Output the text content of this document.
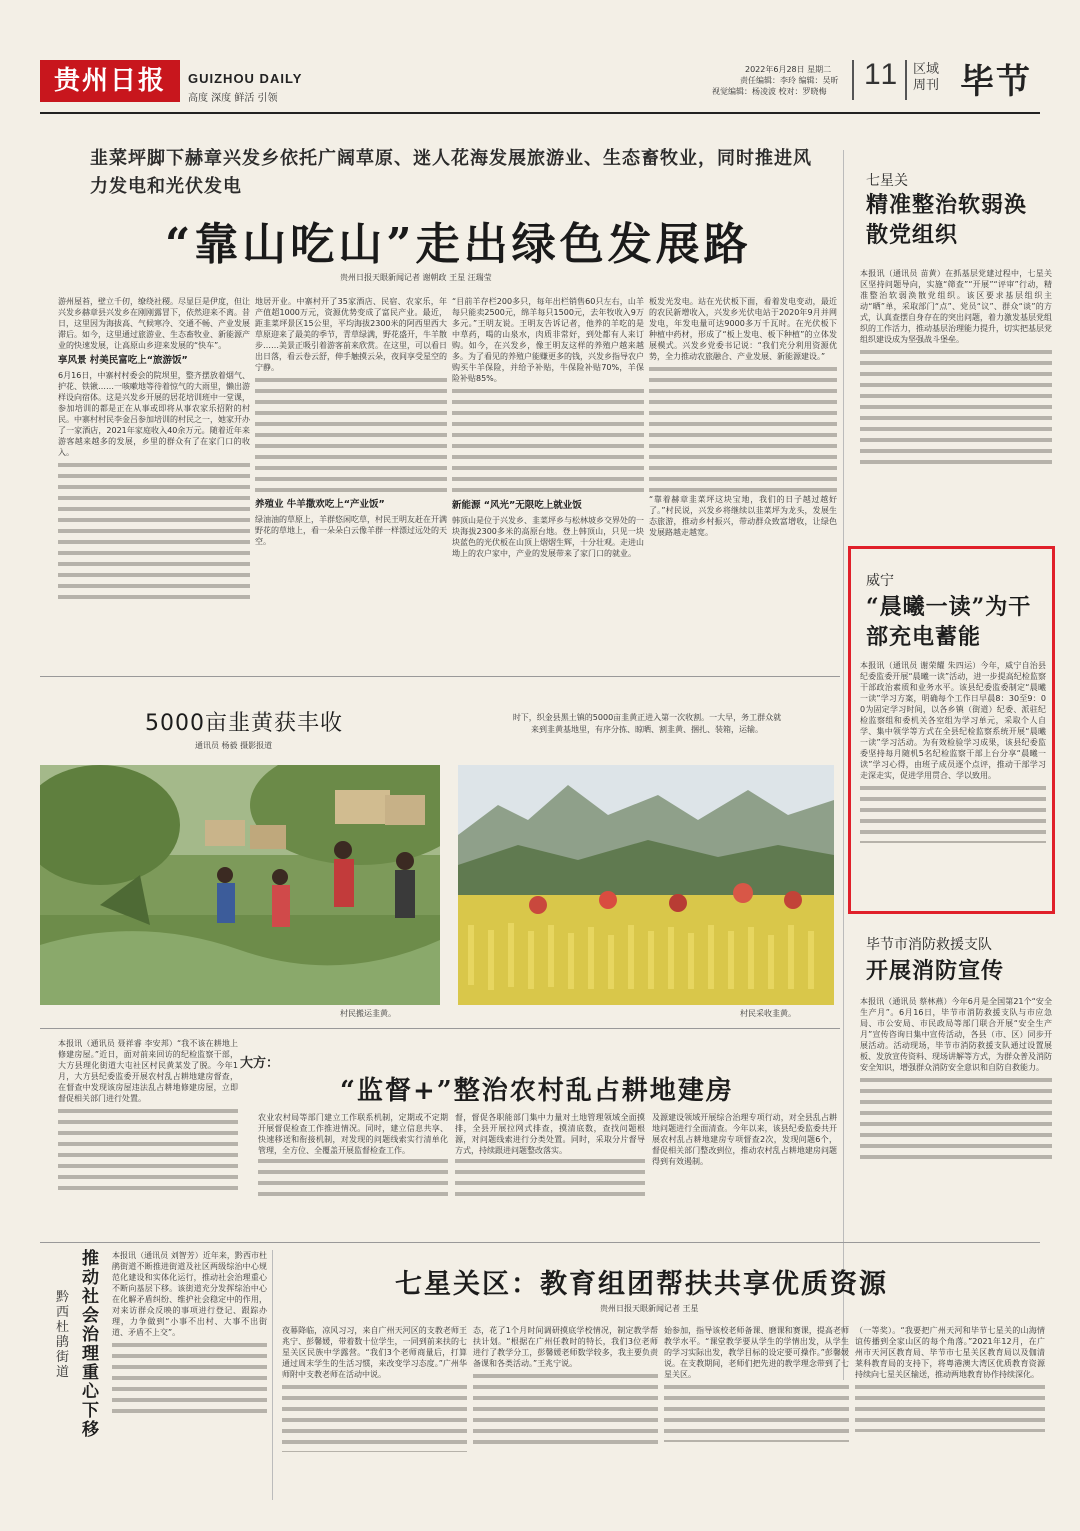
贵州日报	GUIZHOU DAILY
高度 深度 鲜活 引领
2022年6月28日 星期二
责任编辑：李玲 编辑：吴昕
视觉编辑：杨凌波 校对：罗晓梅
11 区域周刊 毕节
韭菜坪脚下赫章兴发乡依托广阔草原、迷人花海发展旅游业、生态畜牧业，同时推进风力发电和光伏发电
“靠山吃山”走出绿色发展路
贵州日报天眼新闻记者 谢朝政 王星 汪瑞莹

游州屋苔，壁立千仞，缭绕社稷。尽显巨是伊度，但让兴发乡赫章县兴发乡在刚刚露冒下，依然迎来不离。昔日，这里因为海拔高、气候寒冷、交通不畅、产业发展滞后。如今，这里通过旅游业、生态畜牧业、新能源产业的快速发展，让高原山乡迎来发展的“快车”。

享风景 村美民富吃上“旅游饭”

6月16日，中寨村村委会的院坝里，整齐摆放着烟气、护花、铁锹……一咳嗽地等待着惊气的大雨里，懒出游样设向宿体。这是兴发乡开展的居花培训班中一堂课，参加培训的都是正在从事或即将从事农家乐招附的村民。中寨村村民李金吕参加培训的村民之一，她家开办了一家酒店，2021年家庭收入40余万元。随着近年来游客越来越多的发展，乡里的群众有了在家门口的收入。

地居开业。中寨村开了35家酒店、民宿、农家乐，年产值超1000万元，资源优势变成了富民产业。最近，距韭菜坪景区15公里，平均海拔2300米的阿西里西大草原迎来了最美的季节，青草绿满，野花盛开，牛羊散步……美景正吸引着游客前来欣赏。在这里，可以看日出日落，看云卷云舒，伸手触摸云朵，夜间享受星空的宁静。

养殖业 牛羊撒欢吃上“产业饭”

绿油油的草原上，羊群悠闲吃草，村民王明友赶在开满野花的草地上，看一朵朵白云像羊群一样漂过远处的天空。

“目前羊存栏200多只，每年出栏销售60只左右，山羊每只能卖2500元，绵羊每只1500元，去年牧收入9万多元。”王明友说。王明友告诉记者，他养的羊吃的是中草药，喝的山泉水，肉质非常好，到处都有人来订购。如今，在兴发乡，像王明友这样的养殖户越来越多。为了看见的养殖户能赚更多的钱，兴发乡指导农户购买牛羊保险，并给予补贴，牛保险补贴70%，羊保险补贴85%。

新能源 “风光”无限吃上就业饭

韩顶山是位于兴发乡、韭菜坪乡与松林坡乡交界处的一块海拔2300多米的高原台地。登上韩顶山，只见一块块蓝色的光伏板在山顶上熠熠生辉，十分壮观。走进山坳上的农户家中，产业的发展带来了家门口的就业。

板发光发电。站在光伏板下面，看着发电变动，最近的农民新增收入，兴发乡光伏电站于2020年9月并网发电，年发电量可达9000多万千瓦时。在光伏板下种植中药材，形成了“板上发电、板下种植”的立体发展模式。兴发乡党委书记说：“我们充分利用资源优势，全力推动农旅融合、产业发展、新能源建设。”

“靠着赫章韭菜坪这块宝地，我们的日子越过越好了。”村民说，兴发乡将继续以韭菜坪为龙头，发展生态旅游，推动乡村振兴，带动群众致富增收，让绿色发展路越走越宽。

七星关
精准整治软弱涣散党组织

本报讯（通讯员 苗黄）在抓基层党建过程中，七星关区坚持问题导向，实施“筛查”“开展”“评审”行动，精准整治软弱涣散党组织。该区要求基层组织主动“晒”单，采取部门“点”、党员“议”、群众“谈”的方式，认真查摆自身存在的突出问题，着力激发基层党组织的工作活力，推动基层治理能力提升，切实把基层党组织建设成为坚强战斗堡垒。

威宁
“晨曦一读”为干部充电蓄能

本报讯（通讯员 谢荣耀 朱四运）今年，威宁自治县纪委监委开展“晨曦一读”活动，进一步提高纪检监察干部政治素质和业务水平。该县纪委监委制定“晨曦一读”学习方案，明确每个工作日早晨8：30至9：00为固定学习时间，以各乡镇（街道）纪委、派驻纪检监察组和委机关各室组为学习单元，采取个人自学、集中领学等方式在全县纪检监察系统开展“晨曦一读”学习活动。为有效检验学习成果，该县纪委监委坚持每月随机5名纪检监察干部上台分享“晨曦一读”学习心得，由班子成员逐个点评，推动干部学习走深走实，促进学用贯合、学以致用。

毕节市消防救援支队
开展消防宣传

本报讯（通讯员 蔡林燕）今年6月是全国第21个“安全生产月”。6月16日，毕节市消防救援支队与市应急局、市公安局、市民政局等部门联合开展“安全生产月”宣传咨询日集中宣传活动，各县（市、区）同步开展活动。活动现场，毕节市消防救援支队通过设置展板、发放宣传资料、现场讲解等方式，为群众普及消防安全知识，增强群众消防安全意识和自防自救能力。

5000亩韭黄获丰收
通讯员 杨毅 摄影报道
时下，织金县黑土镇的5000亩韭黄正进入第一次收割。一大早，务工群众就来到韭黄基地里，有序分拣、晾晒、割韭黄、捆扎、装箱，运输。
村民搬运韭黄。	村民采收韭黄。

本报讯（通讯员 聂祥睿 李安邦）“我不该在耕地上修建房屋。”近日，面对前来回访的纪检监察干部，大方县理化街道大屯社区村民黄某发了脱。今年1月，大方县纪委监委开展农村乱占耕地建房督查，在督查中发现该房屋违法乱占耕地修建房屋，立即督促相关部门进行处置。

大方：
“监督+”整治农村乱占耕地建房

农业农村局等部门建立工作联系机制，定期或不定期开展督促检查工作推进情况。同时，建立信息共享、快速移送和衔接机制，对发现的问题线索实行清单化管理，全方位、全覆盖开展监督检查工作。

督，督促各职能部门集中力量对土地管理领域全面摸排，全县开展拉网式排查，摸清底数，查找问题根源，对问题线索进行分类处置。同时，采取分片督导方式，持续跟进问题整改落实。

及源建设领域开展综合治理专项行动，对全县乱占耕地问题进行全面清查。今年以来，该县纪委监委共开展农村乱占耕地建房专项督查2次，发现问题6个，督促相关部门整改到位，推动农村乱占耕地建房问题得到有效遏制。

黔西杜鹃街道
推动社会治理重心下移

本报讯（通讯员 刘智芳）近年来，黔西市杜鹃街道不断推进街道及社区两级综治中心规范化建设和实体化运行，推动社会治理重心不断向基层下移。该街道充分发挥综治中心在化解矛盾纠纷、维护社会稳定中的作用，对来访群众反映的事项进行登记、跟踪办理，力争做到“小事不出村、大事不出街道、矛盾不上交”。

七星关区：教育组团帮扶共享优质资源
贵州日报天眼新闻记者 王星

夜幕降临，凉风习习，来自广州天河区的支教老师王兆宁、彭馨媛，带着数十位学生，一同到前来扶的七星关区民族中学露营。“我们3个老师商量后，打算通过周末学生的生活习惯，来改变学习态度。”广州华师附中支教老师在活动中说。

态，花了1个月时间调研摸底学校情况，制定教学帮扶计划。“根据在广州任教时的特长，我们3位老师进行了教学分工，彭馨媛老师数学较多，我主要负责备课和各类活动。”王兆宁说。

始参加，指导该校老师备课、磨课和赛课，提高老师教学水平。“课堂教学要从学生的学情出发，从学生的学习实际出发，教学目标的设定要可操作。”彭馨媛说。在支教期间，老师们把先进的教学理念带到了七星关区。

（一等奖）。“我要把广州天河和毕节七星关的山海情谊传播到全家山区的每个角落。”2021年12月，在广州市天河区教育局、毕节市七星关区教育局以及伽清莱科教育局的支持下，将粤港澳大湾区优质教育资源持续向七星关区输送，推动两地教育协作持续深化。
